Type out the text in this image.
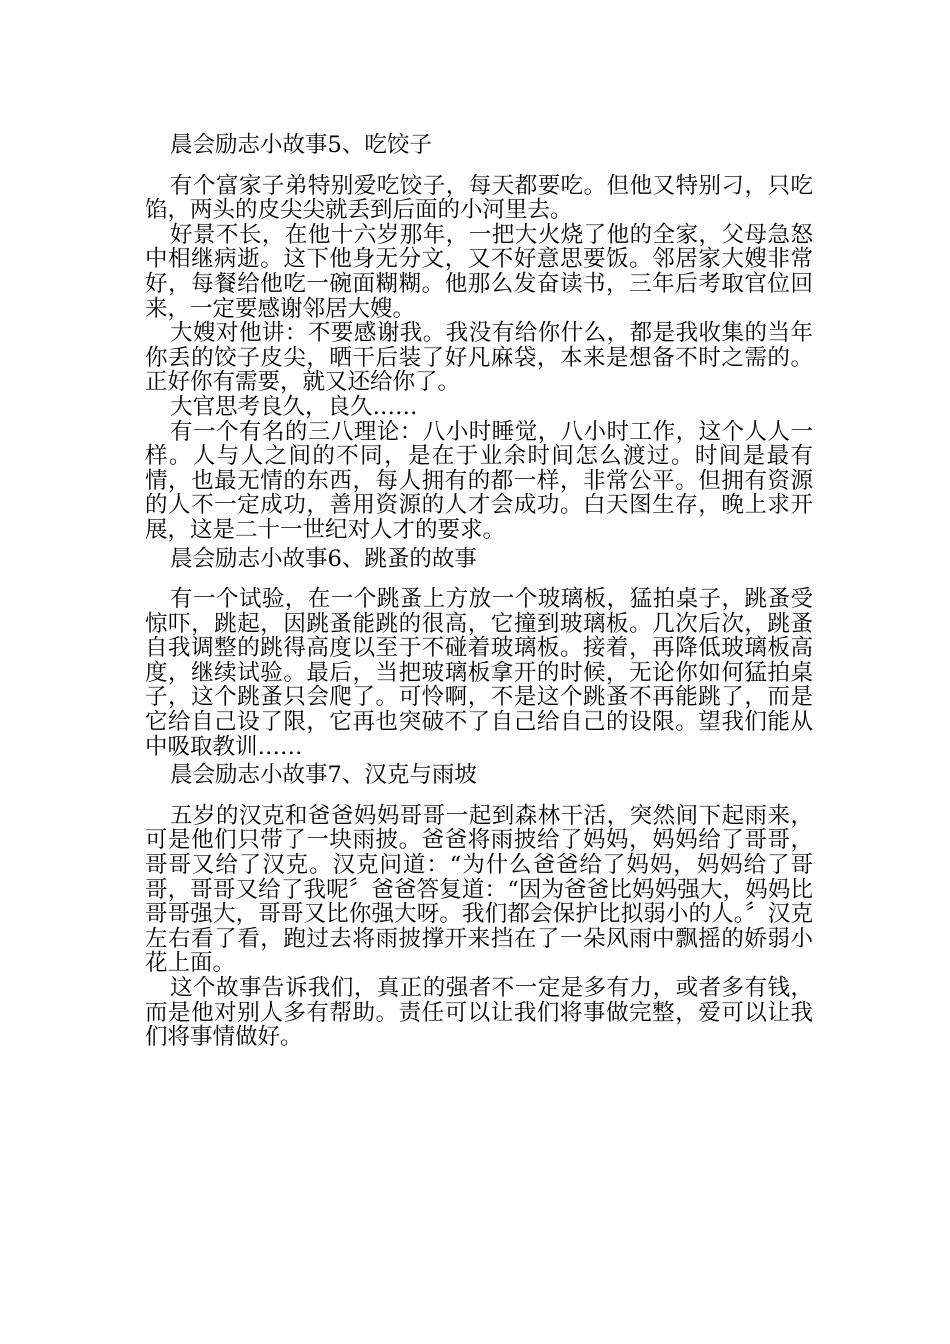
晨会励志小故事5、吃饺子

有个富家子弟特别爱吃饺子，每天都要吃。但他又特别刁，只吃馅，两头的皮尖尖就丢到后面的小河里去。

好景不长，在他十六岁那年，一把大火烧了他的全家，父母急怒中相继病逝。这下他身无分文，又不好意思要饭。邻居家大嫂非常好，每餐给他吃一碗面糊糊。他那么发奋读书，三年后考取官位回来，一定要感谢邻居大嫂。

大嫂对他讲：不要感谢我。我没有给你什么，都是我收集的当年你丢的饺子皮尖，晒干后装了好凡麻袋，本来是想备不时之需的。正好你有需要，就又还给你了。

大官思考良久，良久……

有一个有名的三八理论：八小时睡觉，八小时工作，这个人人一样。人与人之间的不同，是在于业余时间怎么渡过。时间是最有情，也最无情的东西，每人拥有的都一样，非常公平。但拥有资源的人不一定成功，善用资源的人才会成功。白天图生存，晚上求开展，这是二十一世纪对人才的要求。

晨会励志小故事6、跳蚤的故事

有一个试验，在一个跳蚤上方放一个玻璃板，猛拍桌子，跳蚤受惊吓，跳起，因跳蚤能跳的很高，它撞到玻璃板。几次后次，跳蚤自我调整的跳得高度以至于不碰着玻璃板。接着，再降低玻璃板高度，继续试验。最后，当把玻璃板拿开的时候，无论你如何猛拍桌子，这个跳蚤只会爬了。可怜啊，不是这个跳蚤不再能跳了，而是它给自己设了限，它再也突破不了自己给自己的设限。望我们能从中吸取教训……

晨会励志小故事7、汉克与雨坡

五岁的汉克和爸爸妈妈哥哥一起到森林干活，突然间下起雨来，可是他们只带了一块雨披。爸爸将雨披给了妈妈，妈妈给了哥哥，哥哥又给了汉克。汉克问道：“为什么爸爸给了妈妈，妈妈给了哥哥，哥哥又给了我呢〞爸爸答复道：“因为爸爸比妈妈强大，妈妈比哥哥强大，哥哥又比你强大呀。我们都会保护比拟弱小的人。〞汉克左右看了看，跑过去将雨披撑开来挡在了一朵风雨中飘摇的娇弱小花上面。

这个故事告诉我们，真正的强者不一定是多有力，或者多有钱，而是他对别人多有帮助。责任可以让我们将事做完整，爱可以让我们将事情做好。
